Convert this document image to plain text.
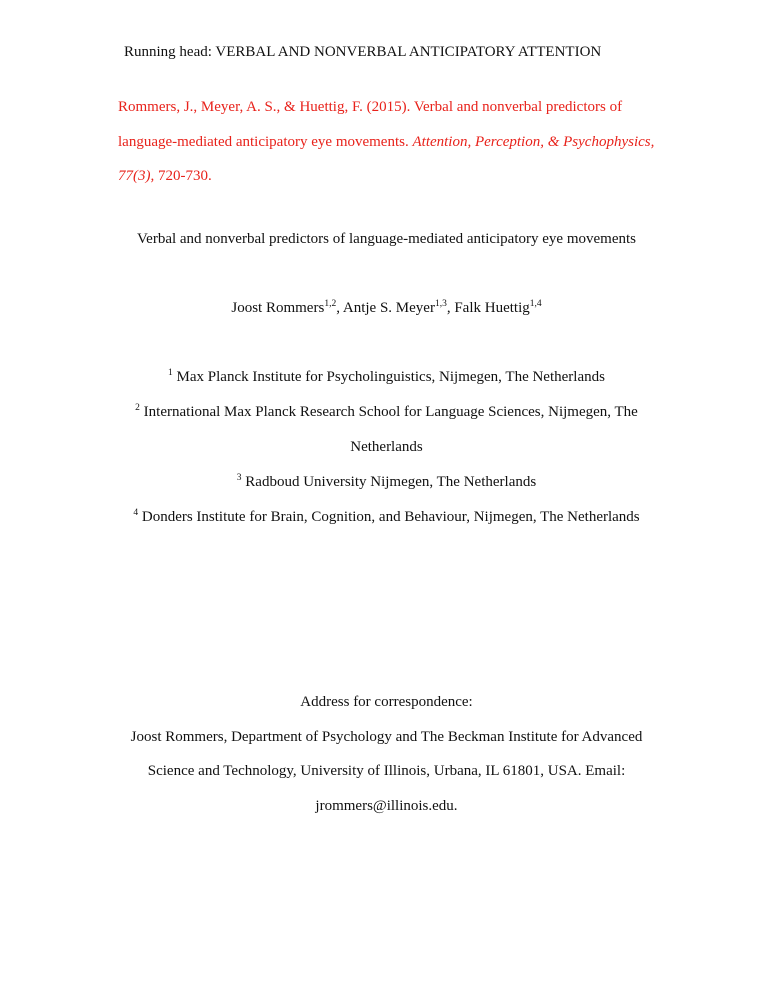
Running head: VERBAL AND NONVERBAL ANTICIPATORY ATTENTION
Rommers, J., Meyer, A. S., & Huettig, F. (2015). Verbal and nonverbal predictors of
language-mediated anticipatory eye movements. Attention, Perception, & Psychophysics,
77(3), 720-730.
Verbal and nonverbal predictors of language-mediated anticipatory eye movements
Joost Rommers$^{1,2}$, Antje S. Meyer$^{1,3}$, Falk Huettig$^{1,4}$
$^1$ Max Planck Institute for Psycholinguistics, Nijmegen, The Netherlands
$^2$ International Max Planck Research School for Language Sciences, Nijmegen, The
Netherlands
$^3$ Radboud University Nijmegen, The Netherlands
$^4$ Donders Institute for Brain, Cognition, and Behaviour, Nijmegen, The Netherlands
Address for correspondence:
Joost Rommers, Department of Psychology and The Beckman Institute for Advanced
Science and Technology, University of Illinois, Urbana, IL 61801, USA. Email:
jrommers@illinois.edu.
